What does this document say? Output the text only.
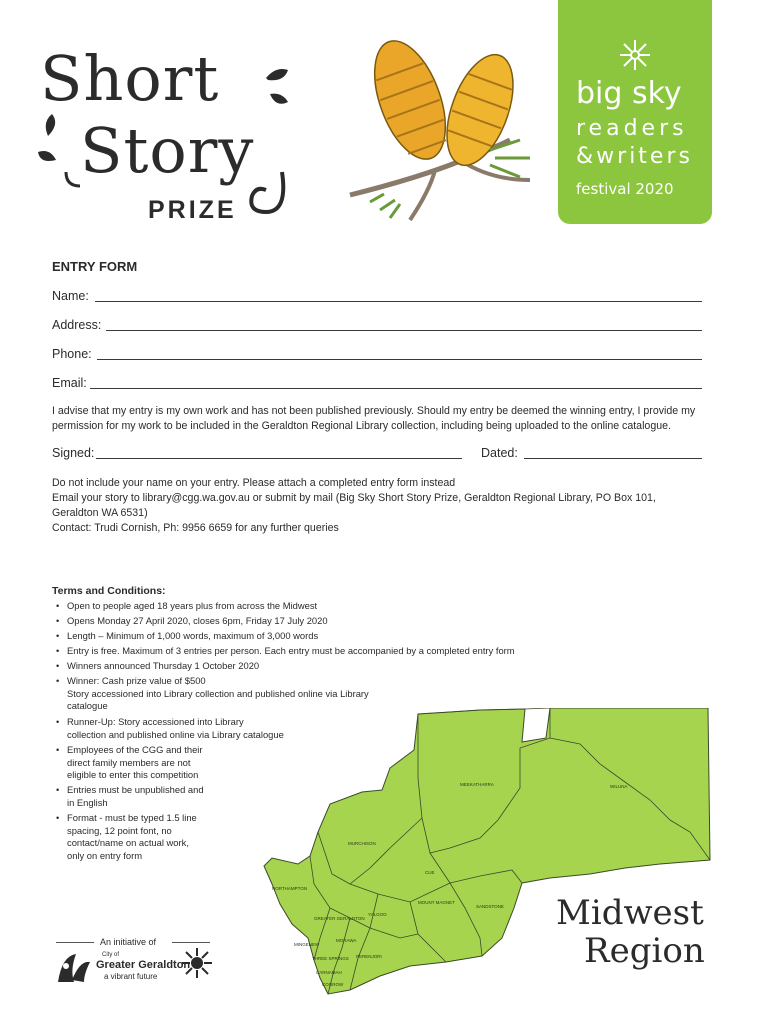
Short
Story
PRIZE
big sky
readers
&writers
festival 2020
ENTRY FORM
Name:
Address:
Phone:
Email:
I advise that my entry is my own work and has not been published previously. Should my entry be deemed the winning entry, I provide my permission for my work to be included in the Geraldton Regional Library collection, including being uploaded to the online catalogue.
Signed:	Dated:
Do not include your name on your entry. Please attach a completed entry form instead
Email your story to library@cgg.wa.gov.au or submit by mail (Big Sky Short Story Prize, Geraldton Regional Library, PO Box 101, Geraldton WA 6531)
Contact: Trudi Cornish, Ph: 9956 6659 for any further queries
Terms and Conditions:
• Open to people aged 18 years plus from across the Midwest
• Opens Monday 27 April 2020, closes 6pm, Friday 17 July 2020
• Length – Minimum of 1,000 words, maximum of 3,000 words
• Entry is free. Maximum of 3 entries per person. Each entry must be accompanied by a completed entry form
• Winners announced Thursday 1 October 2020
• Winner: Cash prize value of $500
Story accessioned into Library collection and published online via Library
catalogue
• Runner-Up: Story accessioned into Library
collection and published online via Library catalogue
• Employees of the CGG and their
direct family members are not
eligible to enter this competition
• Entries must be unpublished and
in English
• Format - must be typed 1.5 line
spacing, 12 point font, no
contact/name on actual work,
only on entry form
MEEKATHARRA	WILUNA
MURCHISON
CUE
MOUNT MAGNET
SANDSTONE
YALGOO
NORTHAMPTON
GREATER GERALDTON
MINGENEW
MORAWA
THREE SPRINGS PERENJORI
CARNAMAH
COOROW
Midwest
Region
An initiative of
City of
Greater Geraldton
a vibrant future
